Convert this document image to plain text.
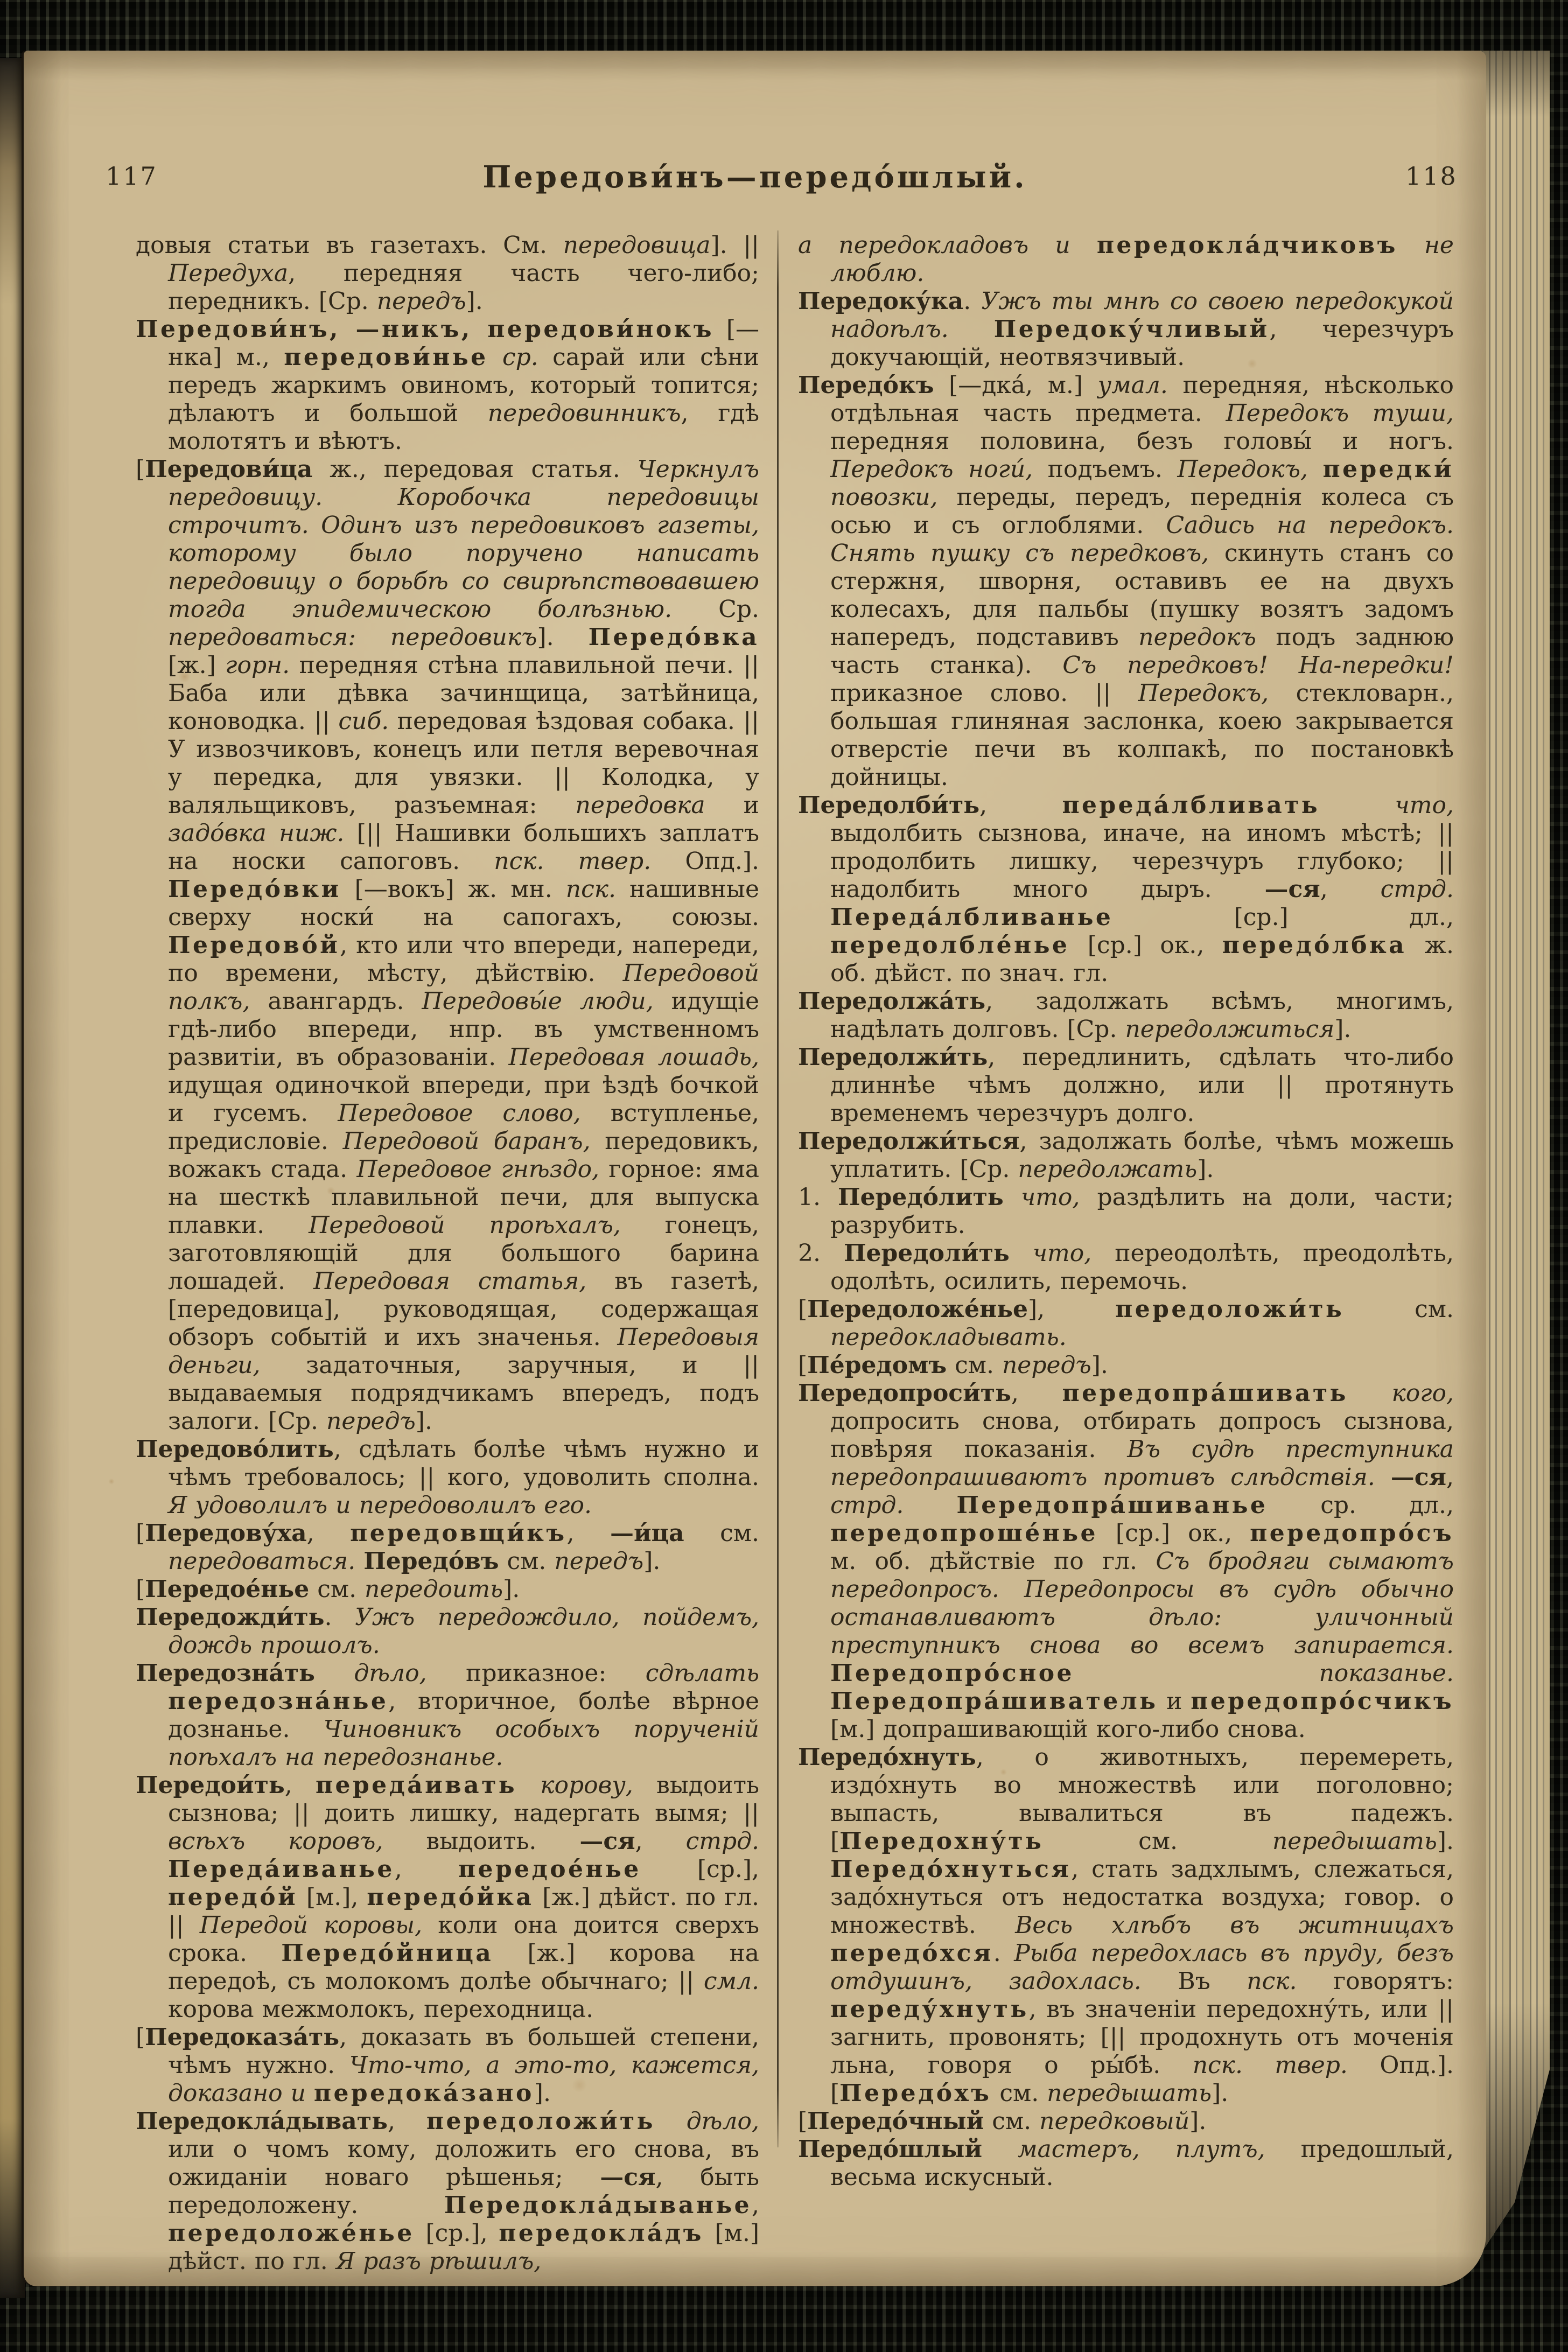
117	Передови́нъ—передо́шлый.	118

довыя статьи въ газетахъ. См. передовица]. || Передуха, передняя часть чего-либо; передникъ. [Ср. передъ].

Передови́нъ, —никъ, передови́нокъ [—нка] м., передови́нье ср. сарай или сѣни передъ жаркимъ овиномъ, который топится; дѣлаютъ и большой передовинникъ, гдѣ молотятъ и вѣютъ.

[Передови́ца ж., передовая статья. Черкнулъ передовицу. Коробочка передовицы строчитъ. Одинъ изъ передовиковъ газеты, которому было поручено написать передовицу о борьбѣ со свирѣпствовавшею тогда эпидемическою болѣзнью. Ср. передоваться: передовикъ]. Передо́вка [ж.] горн. передняя стѣна плавильной печи. || Баба или дѣвка зачинщица, затѣйница, коноводка. || сиб. передовая ѣздовая собака. || У извозчиковъ, конецъ или петля веревочная у передка, для увязки. || Колодка, у валяльщиковъ, разъемная: передовка и задо́вка ниж. [|| Нашивки большихъ заплатъ на носки сапоговъ. пск. твер. Опд.]. Передо́вки [—вокъ] ж. мн. пск. нашивные сверху носки́ на сапогахъ, союзы. Передово́й, кто или что впереди, напереди, по времени, мѣсту, дѣйствію. Передовой полкъ, авангардъ. Передовы́е люди, идущіе гдѣ-либо впереди, нпр. въ умственномъ развитіи, въ образованіи. Передовая лошадь, идущая одиночкой впереди, при ѣздѣ бочкой и гусемъ. Передовое слово, вступленье, предисловіе. Передовой баранъ, передовикъ, вожакъ стада. Передовое гнѣздо, горное: яма на шесткѣ плавильной печи, для выпуска плавки. Передовой проѣхалъ, гонецъ, заготовляющій для большого барина лошадей. Передовая статья, въ газетѣ, [передовица], руководящая, содержащая обзоръ событій и ихъ значенья. Передовыя деньги, задаточныя, заручныя, и || выдаваемыя подрядчикамъ впередъ, подъ залоги. [Ср. передъ].

Передово́лить, сдѣлать болѣе чѣмъ нужно и чѣмъ требовалось; || кого, удоволить сполна. Я удоволилъ и передоволилъ его.

[Передову́ха, передовщи́къ, —и́ца см. передоваться. Передо́въ см. передъ].

[Передое́нье см. передоить].

Передожди́ть. Ужъ передождило, пойдемъ, дождь прошолъ.

Передозна́ть дѣло, приказное: сдѣлать передозна́нье, вторичное, болѣе вѣрное дознанье. Чиновникъ особыхъ порученій поѣхалъ на передознанье.

Передои́ть, переда́ивать корову, выдоить сызнова; || доить лишку, надергать вымя; || всѣхъ коровъ, выдоить. —ся, стрд. Переда́иванье, передое́нье [ср.], передо́й [м.], передо́йка [ж.] дѣйст. по гл. || Передой коровы, коли она доится сверхъ срока. Передо́йница [ж.] корова на передоѣ, съ молокомъ долѣе обычнаго; || смл. корова межмолокъ, переходница.

[Передоказа́ть, доказать въ большей степени, чѣмъ нужно. Что-что, а это-то, кажется, доказано и передока́зано].

Передокла́дывать, передоложи́ть дѣло, или о чомъ кому, доложить его снова, въ ожиданіи новаго рѣшенья; —ся, быть передоложену. Передокла́дыванье, передоложе́нье [ср.], передокла́дъ [м.] дѣйст. по гл. Я разъ рѣшилъ,

а передокладовъ и передокла́дчиковъ не люблю.

Передоку́ка. Ужъ ты мнѣ со своею передокукой надоѣлъ. Передоку́чливый, черезчуръ докучающій, неотвязчивый.

Передо́къ [—дка́, м.] умал. передняя, нѣсколько отдѣльная часть предмета. Передокъ туши, передняя половина, безъ головы́ и ногъ. Передокъ ноги́, подъемъ. Передокъ, передки́ повозки, переды, передъ, переднія колеса съ осью и съ оглоблями. Садись на передокъ. Снять пушку съ передковъ, скинуть станъ со стержня, шворня, оставивъ ее на двухъ колесахъ, для пальбы (пушку возятъ задомъ напередъ, подставивъ передокъ подъ заднюю часть станка). Съ передковъ! На-передки! приказное слово. || Передокъ, стекловарн., большая глиняная заслонка, коею закрывается отверстіе печи въ колпакѣ, по постановкѣ дойницы.

Передолби́ть, переда́лбливать	что, выдолбить сызнова, иначе, на иномъ мѣстѣ; || продолбить лишку, черезчуръ глубоко; || надолбить много дыръ. —ся, стрд. Переда́лбливанье [ср.] дл., передолбле́нье [ср.] ок., передо́лбка ж. об. дѣйст. по знач. гл.

Передолжа́ть, задолжать всѣмъ, многимъ, надѣлать долговъ. [Ср. передолжиться].

Передолжи́ть, передлинить, сдѣлать что-либо длиннѣе чѣмъ должно, или || протянуть временемъ черезчуръ долго.

Передолжи́ться, задолжать болѣе, чѣмъ можешь уплатить. [Ср. передолжать].

1. Передо́лить что, раздѣлить на доли, части; разрубить.

2. Передоли́ть что, переодолѣть, преодолѣть, одолѣть, осилить, перемочь.

[Передоложе́нье], передоложи́ть см. передокладывать.

[Пе́редомъ см. передъ].

Передопроси́ть, передопра́шивать кого, допросить снова, отбирать допросъ сызнова, повѣряя показанія. Въ судѣ преступника передопрашиваютъ противъ слѣдствія. —ся, стрд. Передопра́шиванье ср. дл., передопроше́нье [ср.] ок., передопро́съ м. об. дѣйствіе по гл. Съ бродяги сымаютъ передопросъ. Передопросы въ судѣ обычно останавливаютъ дѣло: уличонный преступникъ снова во всемъ запирается. Передопро́сное	показанье. Передопра́шиватель и передопро́счикъ [м.] допрашивающій кого-либо снова.

Передо́хнуть, о животныхъ, перемереть, издо́хнуть во множествѣ или поголовно; выпасть, вывалиться въ падежъ. [Передохну́ть см. передышать]. Передо́хнуться, стать задхлымъ, слежаться, задо́хнуться отъ недостатка воздуха; говор. о множествѣ. Весь хлѣбъ въ житницахъ передо́хся. Рыба передохлась въ пруду, безъ отдушинъ, задохлась. Въ пск. говорятъ: переду́хнуть, въ значеніи передохну́ть, или || загнить, провонять; [|| продохнуть отъ моченія льна, говоря о ры́бѣ. пск. твер. Опд.]. [Передо́хъ см. передышать].

[Передо́чный см. передковый].

Передо́шлый мастеръ, плутъ, предошлый, весьма искусный.
